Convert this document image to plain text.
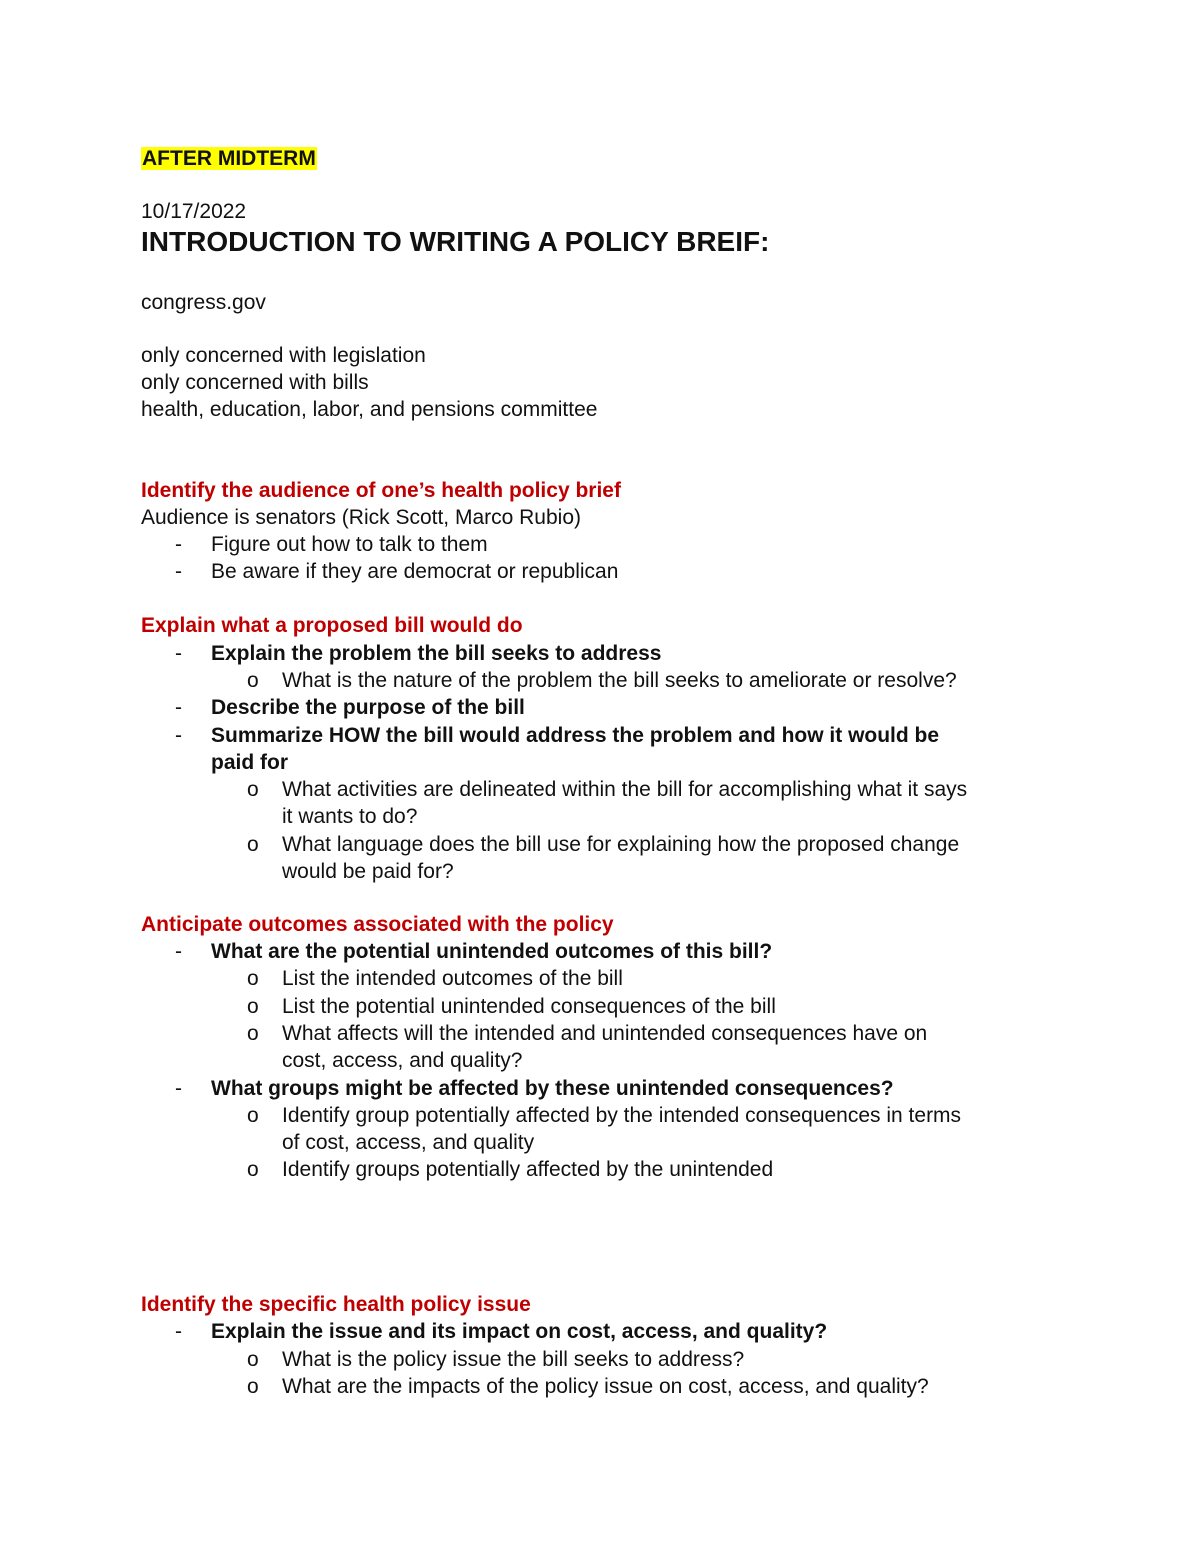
AFTER MIDTERM
10/17/2022
INTRODUCTION TO WRITING A POLICY BREIF:
congress.gov
only concerned with legislation
only concerned with bills
health, education, labor, and pensions committee
Identify the audience of one’s health policy brief
Audience is senators (Rick Scott, Marco Rubio)
- Figure out how to talk to them
- Be aware if they are democrat or republican
Explain what a proposed bill would do
- Explain the problem the bill seeks to address
o What is the nature of the problem the bill seeks to ameliorate or resolve?
- Describe the purpose of the bill
- Summarize HOW the bill would address the problem and how it would be
paid for
o What activities are delineated within the bill for accomplishing what it says
it wants to do?
o What language does the bill use for explaining how the proposed change
would be paid for?
Anticipate outcomes associated with the policy
- What are the potential unintended outcomes of this bill?
o List the intended outcomes of the bill
o List the potential unintended consequences of the bill
o What affects will the intended and unintended consequences have on
cost, access, and quality?
- What groups might be affected by these unintended consequences?
o Identify group potentially affected by the intended consequences in terms
of cost, access, and quality
o Identify groups potentially affected by the unintended
Identify the specific health policy issue
- Explain the issue and its impact on cost, access, and quality?
o What is the policy issue the bill seeks to address?
o What are the impacts of the policy issue on cost, access, and quality?
